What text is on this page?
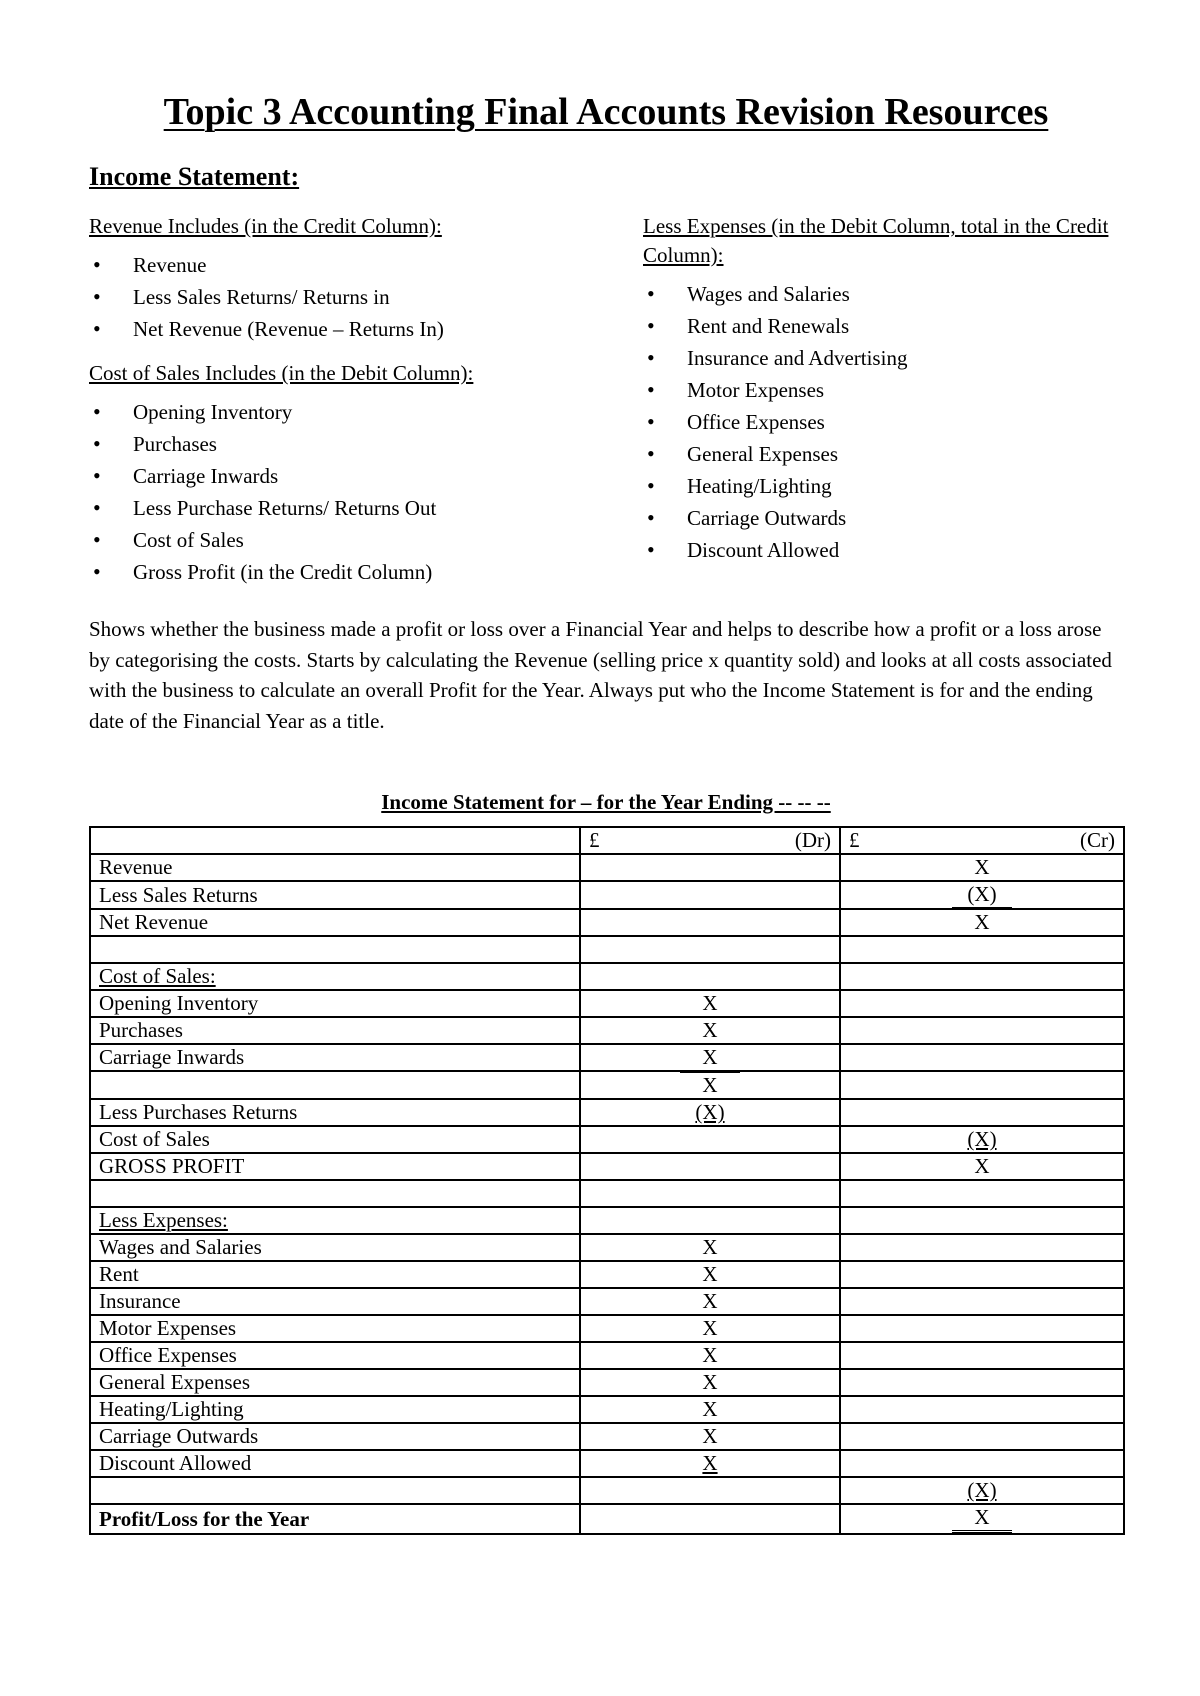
Topic 3 Accounting Final Accounts Revision Resources
Income Statement:
Revenue Includes (in the Credit Column):
• Revenue
• Less Sales Returns/ Returns in
• Net Revenue (Revenue – Returns In)
Cost of Sales Includes (in the Debit Column):
• Opening Inventory
• Purchases
• Carriage Inwards
• Less Purchase Returns/ Returns Out
• Cost of Sales
• Gross Profit (in the Credit Column)
Less Expenses (in the Debit Column, total in the Credit Column):
• Wages and Salaries
• Rent and Renewals
• Insurance and Advertising
• Motor Expenses
• Office Expenses
• General Expenses
• Heating/Lighting
• Carriage Outwards
• Discount Allowed

Shows whether the business made a profit or loss over a Financial Year and helps to describe how a profit or a loss arose by categorising the costs. Starts by calculating the Revenue (selling price x quantity sold) and looks at all costs associated with the business to calculate an overall Profit for the Year. Always put who the Income Statement is for and the ending date of the Financial Year as a title.

Income Statement for – for the Year Ending -- -- --

	£ (Dr)	£ (Cr)

Revenue		X
Less Sales Returns		(X)
Net Revenue		X

Cost of Sales:		
Opening Inventory	X	
Purchases	X	
Carriage Inwards	X	
	X	
Less Purchases Returns	(X)	
Cost of Sales		(X)
GROSS PROFIT		X

Less Expenses:		
Wages and Salaries	X	
Rent	X	
Insurance	X	
Motor Expenses	X	
Office Expenses	X	
General Expenses	X	
Heating/Lighting	X	
Carriage Outwards	X	
Discount Allowed	X	
		(X)
Profit/Loss for the Year		X
